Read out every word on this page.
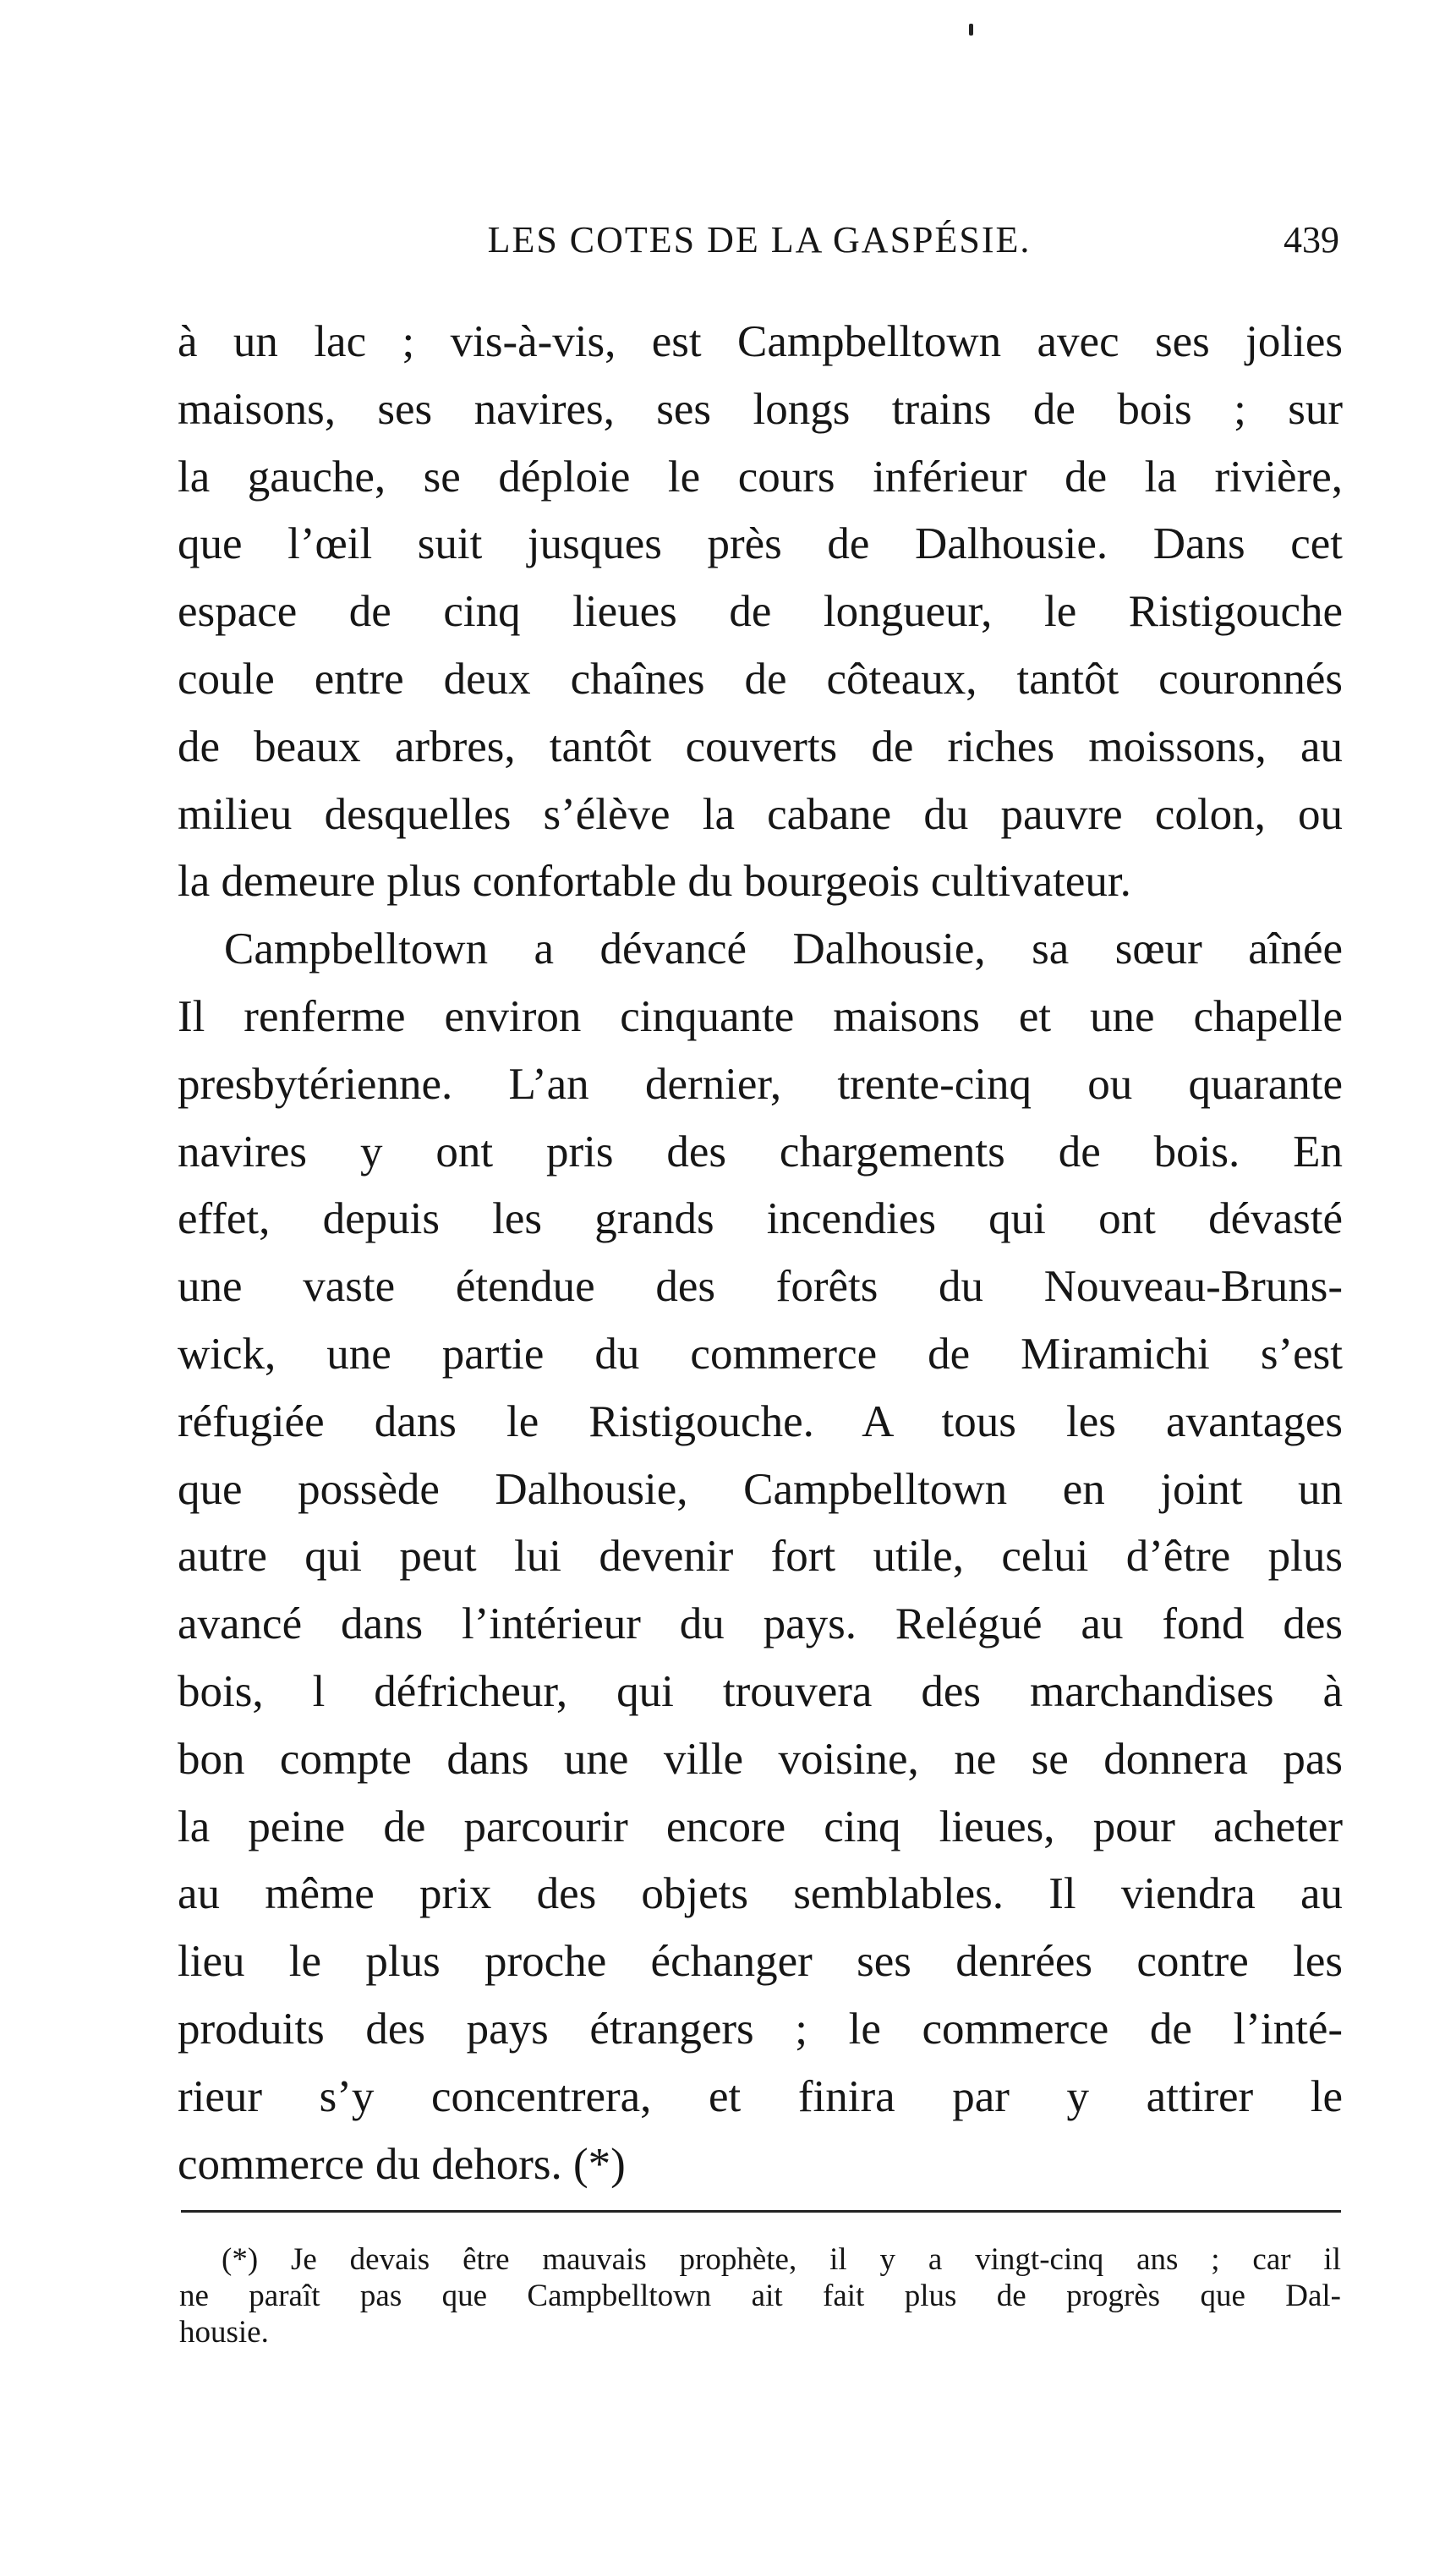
LES COTES DE LA GASPÉSIE.	439
à un lac ; vis-à-vis, est Campbelltown avec ses jolies
maisons, ses navires, ses longs trains de bois ; sur
la gauche, se déploie le cours inférieur de la rivière,
que l’œil suit jusques près de Dalhousie. Dans cet
espace de cinq lieues de longueur, le Ristigouche
coule entre deux chaînes de côteaux, tantôt couronnés
de beaux arbres, tantôt couverts de riches moissons, au
milieu desquelles s’élève la cabane du pauvre colon, ou
la demeure plus confortable du bourgeois cultivateur.
Campbelltown a dévancé Dalhousie, sa sœur aînée
Il renferme environ cinquante maisons et une chapelle
presbytérienne. L’an dernier, trente-cinq ou quarante
navires y ont pris des chargements de bois. En
effet, depuis les grands incendies qui ont dévasté
une vaste étendue des forêts du Nouveau-Bruns-
wick, une partie du commerce de Miramichi s’est
réfugiée dans le Ristigouche. A tous les avantages
que possède Dalhousie, Campbelltown en joint un
autre qui peut lui devenir fort utile, celui d’être plus
avancé dans l’intérieur du pays. Relégué au fond des
bois, l défricheur, qui trouvera des marchandises à
bon compte dans une ville voisine, ne se donnera pas
la peine de parcourir encore cinq lieues, pour acheter
au même prix des objets semblables. Il viendra au
lieu le plus proche échanger ses denrées contre les
produits des pays étrangers ; le commerce de l’inté-
rieur s’y concentrera, et finira par y attirer le
commerce du dehors. (*)
(*) Je devais être mauvais prophète, il y a vingt-cinq ans ; car il
ne paraît pas que Campbelltown ait fait plus de progrès que Dal-
housie.
